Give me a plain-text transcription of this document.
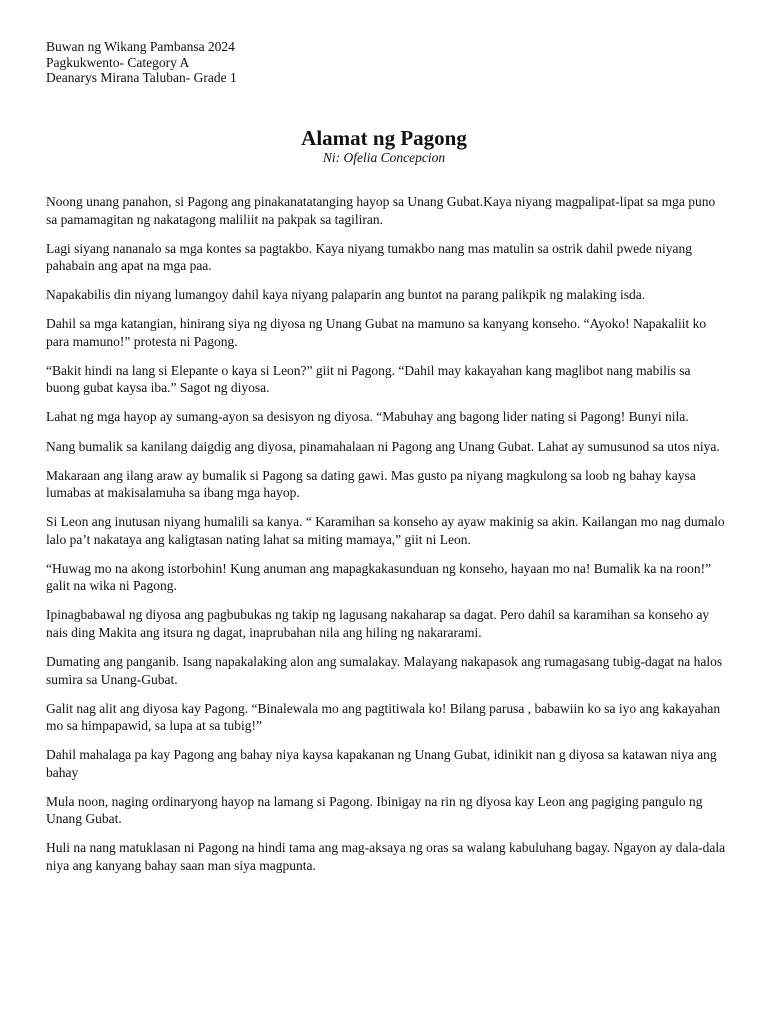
Buwan ng Wikang Pambansa 2024
Pagkukwento- Category A
Deanarys Mirana Taluban- Grade 1
Alamat ng Pagong
Ni: Ofelia Concepcion

Noong unang panahon, si Pagong ang pinakanatatanging hayop sa Unang Gubat.Kaya niyang magpalipat-lipat sa mga puno sa pamamagitan ng nakatagong maliliit na pakpak sa tagiliran.

Lagi siyang nananalo sa mga kontes sa pagtakbo. Kaya niyang tumakbo nang mas matulin sa ostrik dahil pwede niyang pahabain ang apat na mga paa.

Napakabilis din niyang lumangoy dahil kaya niyang palaparin ang buntot na parang palikpik ng malaking isda.

Dahil sa mga katangian, hinirang siya ng diyosa ng Unang Gubat na mamuno sa kanyang konseho. “Ayoko! Napakaliit ko para mamuno!” protesta ni Pagong.

“Bakit hindi na lang si Elepante o kaya si Leon?” giit ni Pagong. “Dahil may kakayahan kang maglibot nang mabilis sa buong gubat kaysa iba.” Sagot ng diyosa.

Lahat ng mga hayop ay sumang-ayon sa desisyon ng diyosa. “Mabuhay ang bagong lider nating si Pagong! Bunyi nila.

Nang bumalik sa kanilang daigdig ang diyosa, pinamahalaan ni Pagong ang Unang Gubat. Lahat ay sumusunod sa utos niya.

Makaraan ang ilang araw ay bumalik si Pagong sa dating gawi. Mas gusto pa niyang magkulong sa loob ng bahay kaysa lumabas at makisalamuha sa ibang mga hayop.

Si Leon ang inutusan niyang humalili sa kanya. “ Karamihan sa konseho ay ayaw makinig sa akin. Kailangan mo nag dumalo lalo pa’t nakataya ang kaligtasan nating lahat sa miting mamaya,” giit ni Leon.

“Huwag mo na akong istorbohin! Kung anuman ang mapagkakasunduan ng konseho, hayaan mo na! Bumalik ka na roon!” galit na wika ni Pagong.

Ipinagbabawal ng diyosa ang pagbubukas ng takip ng lagusang nakaharap sa dagat. Pero dahil sa karamihan sa konseho ay nais ding Makita ang itsura ng dagat, inaprubahan nila ang hiling ng nakararami.

Dumating ang panganib. Isang napakalaking alon ang sumalakay. Malayang nakapasok ang rumagasang tubig-dagat na halos sumira sa Unang-Gubat.

Galit nag alit ang diyosa kay Pagong. “Binalewala mo ang pagtitiwala ko! Bilang parusa , babawiin ko sa iyo ang kakayahan mo sa himpapawid, sa lupa at sa tubig!”

Dahil mahalaga pa kay Pagong ang bahay niya kaysa kapakanan ng Unang Gubat, idinikit nan g diyosa sa katawan niya ang bahay

Mula noon, naging ordinaryong hayop na lamang si Pagong. Ibinigay na rin ng diyosa kay Leon ang pagiging pangulo ng Unang Gubat.

Huli na nang matuklasan ni Pagong na hindi tama ang mag-aksaya ng oras sa walang kabuluhang bagay. Ngayon ay dala-dala niya ang kanyang bahay saan man siya magpunta.
